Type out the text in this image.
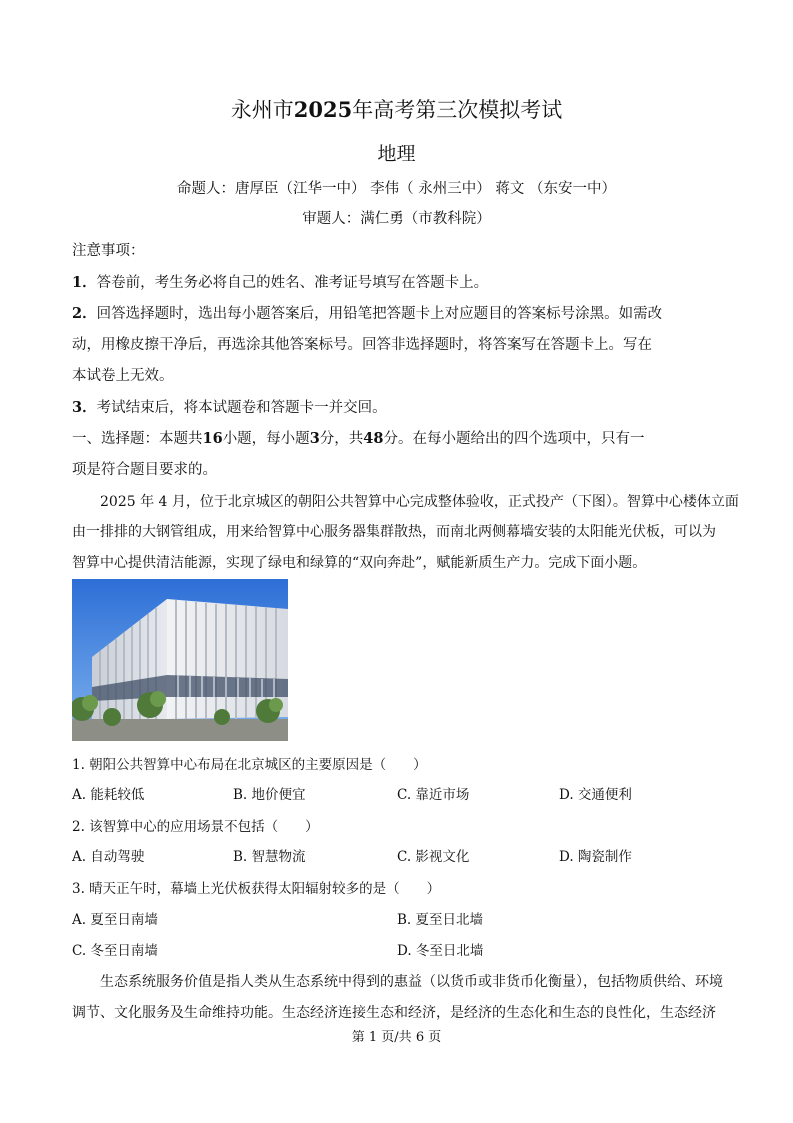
永州市2025年高考第三次模拟考试
地理
命题人：唐厚臣（江华一中） 李伟（ 永州三中） 蒋文 （东安一中）
审题人：满仁勇（市教科院）
注意事项：
1．答卷前，考生务必将自己的姓名、准考证号填写在答题卡上。
2．回答选择题时，选出每小题答案后，用铅笔把答题卡上对应题目的答案标号涂黑。如需改
动，用橡皮擦干净后，再选涂其他答案标号。回答非选择题时，将答案写在答题卡上。写在
本试卷上无效。
3．考试结束后，将本试题卷和答题卡一并交回。
一、选择题：本题共16小题，每小题3分，共48分。在每小题给出的四个选项中，只有一
项是符合题目要求的。
2025 年 4 月，位于北京城区的朝阳公共智算中心完成整体验收，正式投产（下图）。智算中心楼体立面
由一排排的大钢管组成，用来给智算中心服务器集群散热，而南北两侧幕墙安装的太阳能光伏板，可以为
智算中心提供清洁能源，实现了绿电和绿算的“双向奔赴”，赋能新质生产力。完成下面小题。
1. 朝阳公共智算中心布局在北京城区的主要原因是（　　）
A. 能耗较低	B. 地价便宜	C. 靠近市场	D. 交通便利
2. 该智算中心的应用场景不包括（　　）
A. 自动驾驶	B. 智慧物流	C. 影视文化	D. 陶瓷制作
3. 晴天正午时，幕墙上光伏板获得太阳辐射较多的是（　　）
A. 夏至日南墙	B. 夏至日北墙
C. 冬至日南墙	D. 冬至日北墙
生态系统服务价值是指人类从生态系统中得到的惠益（以货币或非货币化衡量），包括物质供给、环境
调节、文化服务及生命维持功能。生态经济连接生态和经济，是经济的生态化和生态的良性化，生态经济
第 1 页/共 6 页
